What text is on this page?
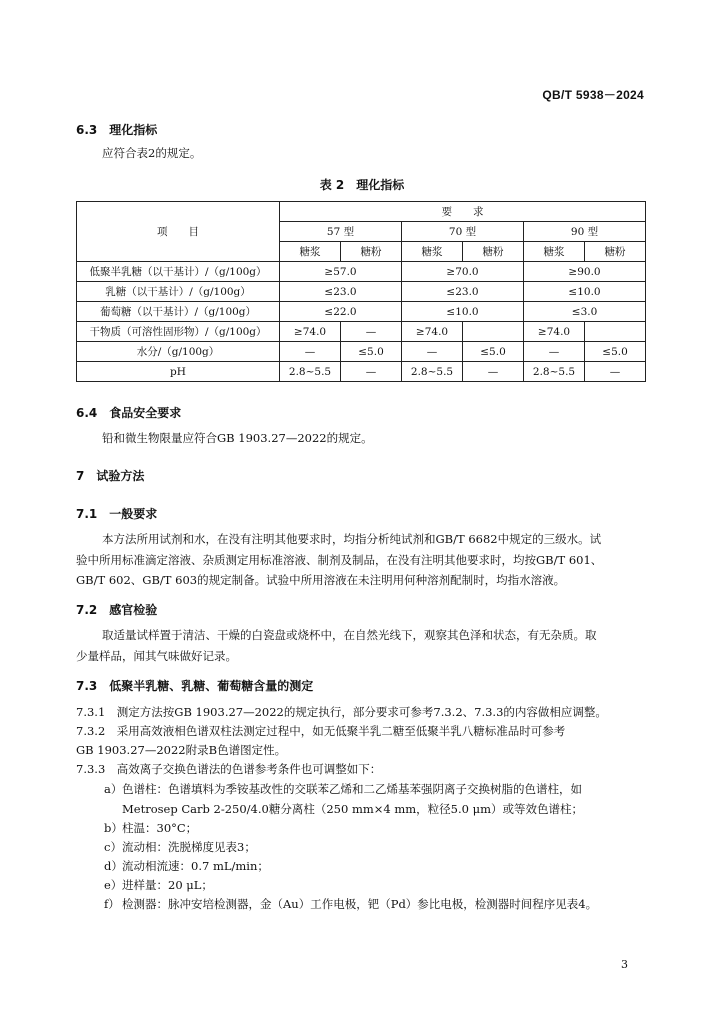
QB/T 5938－2024
6.3　理化指标
应符合表2的规定。
表 2　理化指标
项　　目	要　　求					
	57 型		70 型		90 型	
	糖浆	糖粉	糖浆	糖粉	糖浆	糖粉
低聚半乳糖（以干基计）/（g/100g）	≥57.0		≥70.0		≥90.0	
乳糖（以干基计）/（g/100g）	≤23.0		≤23.0		≤10.0	
葡萄糖（以干基计）/（g/100g）	≤22.0		≤10.0		≤3.0	
干物质（可溶性固形物）/（g/100g）	≥74.0	—	≥74.0		≥74.0	
水分/（g/100g）	—	≤5.0	—	≤5.0	—	≤5.0
pH	2.8~5.5	—	2.8~5.5	—	2.8~5.5	—
6.4　食品安全要求
铅和微生物限量应符合GB 1903.27—2022的规定。
7　试验方法
7.1　一般要求
本方法所用试剂和水，在没有注明其他要求时，均指分析纯试剂和GB/T 6682中规定的三级水。试
验中所用标准滴定溶液、杂质测定用标准溶液、制剂及制品，在没有注明其他要求时，均按GB/T 601、
GB/T 602、GB/T 603的规定制备。试验中所用溶液在未注明用何种溶剂配制时，均指水溶液。
7.2　感官检验
取适量试样置于清洁、干燥的白瓷盘或烧杯中，在自然光线下，观察其色泽和状态，有无杂质。取
少量样品，闻其气味做好记录。
7.3　低聚半乳糖、乳糖、葡萄糖含量的测定
7.3.1　测定方法按GB 1903.27—2022的规定执行，部分要求可参考7.3.2、7.3.3的内容做相应调整。
7.3.2　采用高效液相色谱双柱法测定过程中，如无低聚半乳二糖至低聚半乳八糖标准品时可参考
GB 1903.27—2022附录B色谱图定性。
7.3.3　高效离子交换色谱法的色谱参考条件也可调整如下：
a） 色谱柱：色谱填料为季铵基改性的交联苯乙烯和二乙烯基苯强阴离子交换树脂的色谱柱，如
Metrosep Carb 2-250/4.0糖分离柱（250 mm×4 mm，粒径5.0 μm）或等效色谱柱；
b） 柱温：30°C；
c） 流动相：洗脱梯度见表3；
d） 流动相流速：0.7 mL/min；
e） 进样量：20 μL；
f） 检测器：脉冲安培检测器，金（Au）工作电极，钯（Pd）参比电极，检测器时间程序见表4。
3
